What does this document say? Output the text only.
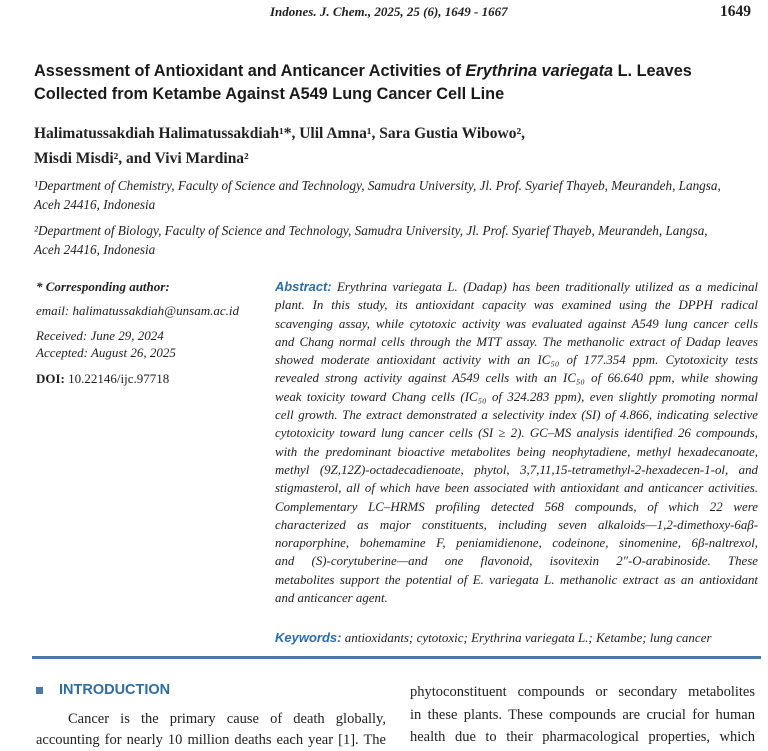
Indones. J. Chem., 2025, 25 (6), 1649 - 1667	1649
Assessment of Antioxidant and Anticancer Activities of Erythrina variegata L. Leaves
Collected from Ketambe Against A549 Lung Cancer Cell Line
Halimatussakdiah Halimatussakdiah¹*, Ulil Amna¹, Sara Gustia Wibowo²,
Misdi Misdi², and Vivi Mardina²
¹Department of Chemistry, Faculty of Science and Technology, Samudra University, Jl. Prof. Syarief Thayeb, Meurandeh, Langsa,
Aceh 24416, Indonesia
²Department of Biology, Faculty of Science and Technology, Samudra University, Jl. Prof. Syarief Thayeb, Meurandeh, Langsa,
Aceh 24416, Indonesia
* Corresponding author:
email: halimatussakdiah@unsam.ac.id
Received: June 29, 2024
Accepted: August 26, 2025
DOI: 10.22146/ijc.97718
Abstract: Erythrina variegata L. (Dadap) has been traditionally utilized as a medicinal
plant. In this study, its antioxidant capacity was examined using the DPPH radical
scavenging assay, while cytotoxic activity was evaluated against A549 lung cancer cells
and Chang normal cells through the MTT assay. The methanolic extract of Dadap leaves
showed moderate antioxidant activity with an IC₅₀ of 177.354 ppm. Cytotoxicity tests
revealed strong activity against A549 cells with an IC₅₀ of 66.640 ppm, while showing
weak toxicity toward Chang cells (IC₅₀ of 324.283 ppm), even slightly promoting normal
cell growth. The extract demonstrated a selectivity index (SI) of 4.866, indicating selective
cytotoxicity toward lung cancer cells (SI ≥ 2). GC–MS analysis identified 26 compounds,
with the predominant bioactive metabolites being neophytadiene, methyl hexadecanoate,
methyl (9Z,12Z)-octadecadienoate, phytol, 3,7,11,15-tetramethyl-2-hexadecen-1-ol, and
stigmasterol, all of which have been associated with antioxidant and anticancer activities.
Complementary LC–HRMS profiling detected 568 compounds, of which 22 were
characterized as major constituents, including seven alkaloids—1,2-dimethoxy-6aβ-
noraporphine, bohemamine F, peniamidienone, codeinone, sinomenine, 6β-naltrexol,
and (S)-corytuberine—and one flavonoid, isovitexin 2″-O-arabinoside. These
metabolites support the potential of E. variegata L. methanolic extract as an antioxidant
and anticancer agent.
Keywords: antioxidants; cytotoxic; Erythrina variegata L.; Ketambe; lung cancer
INTRODUCTION
Cancer is the primary cause of death globally,
accounting for nearly 10 million deaths each year [1]. The
phytoconstituent compounds or secondary metabolites
in these plants. These compounds are crucial for human
health due to their pharmacological properties, which
